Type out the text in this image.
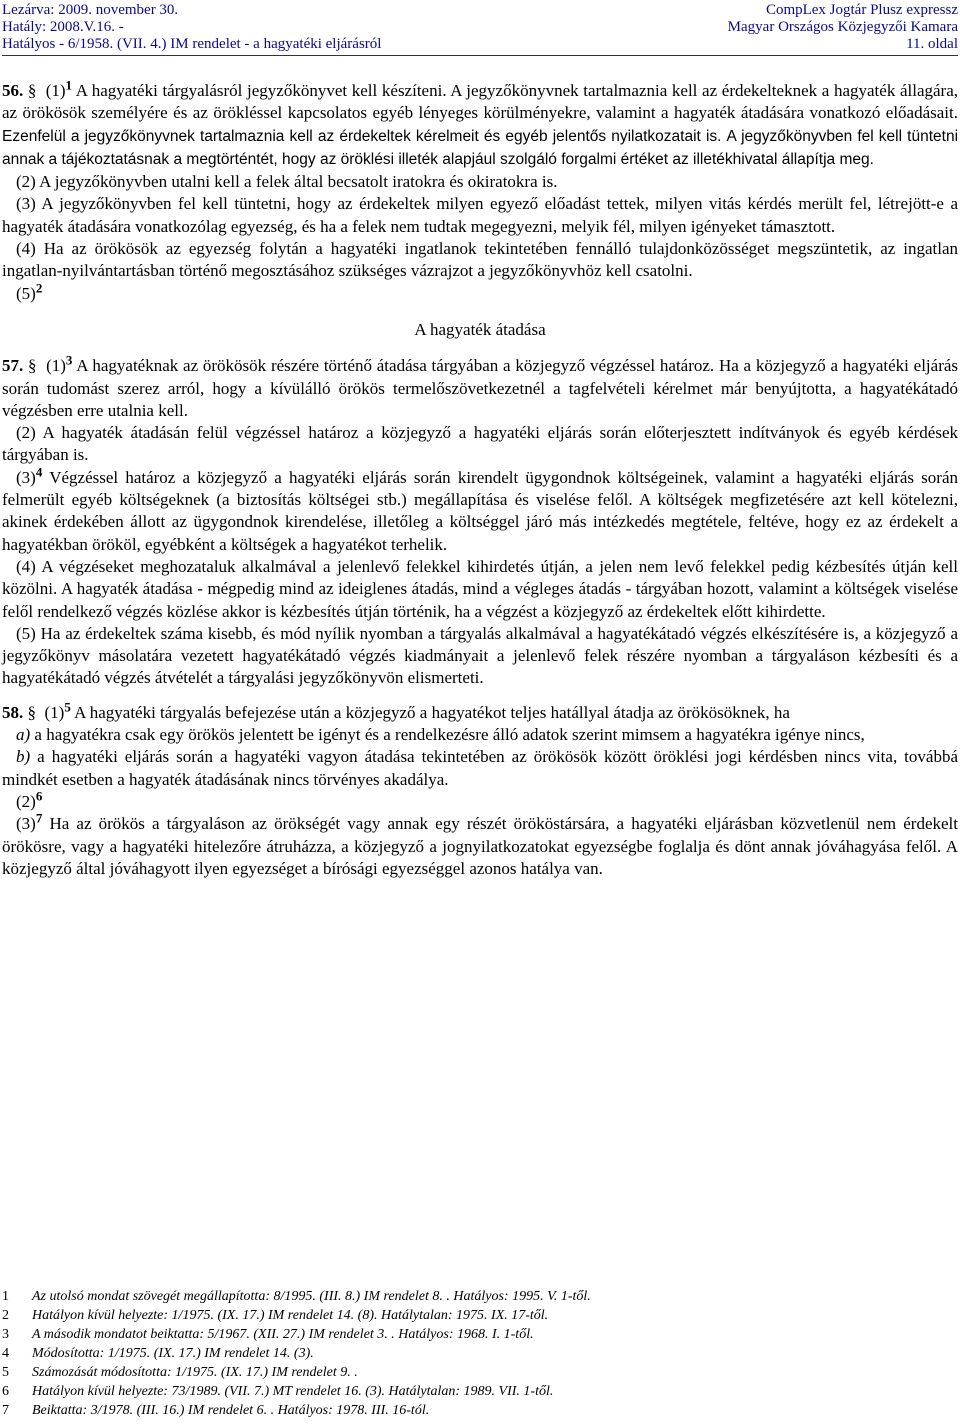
Lezárva: 2009. november 30.	CompLex Jogtár Plusz expressz
Hatály: 2008.V.16. -	Magyar Országos Közjegyzői Kamara
Hatályos - 6/1958. (VII. 4.) IM rendelet - a hagyatéki eljárásról	11. oldal

56. §  $(1)^1$ A hagyatéki tárgyalásról jegyzőkönyvet kell készíteni. A jegyzőkönyvnek tartalmaznia kell az érdekelteknek a hagyaték állagára, az örökösök személyére és az örökléssel kapcsolatos egyéb lényeges körülményekre, valamint a hagyaték átadására vonatkozó előadásait. Ezenfelül a jegyzőkönyvnek tartalmaznia kell az érdekeltek kérelmeit és egyéb jelentős nyilatkozatait is. A jegyzőkönyvben fel kell tüntetni annak a tájékoztatásnak a megtörténtét, hogy az öröklési illeték alapjául szolgáló forgalmi értéket az illetékhivatal állapítja meg.

(2) A jegyzőkönyvben utalni kell a felek által becsatolt iratokra és okiratokra is.

(3) A jegyzőkönyvben fel kell tüntetni, hogy az érdekeltek milyen egyező előadást tettek, milyen vitás kérdés merült fel, létrejött-e a hagyaték átadására vonatkozólag egyezség, és ha a felek nem tudtak megegyezni, melyik fél, milyen igényeket támasztott.

(4) Ha az örökösök az egyezség folytán a hagyatéki ingatlanok tekintetében fennálló tulajdonközösséget megszüntetik, az ingatlan ingatlan-nyilvántartásban történő megosztásához szükséges vázrajzot a jegyzőkönyvhöz kell csatolni.

$(5)^2$

A hagyaték átadása

57. §  $(1)^3$ A hagyatéknak az örökösök részére történő átadása tárgyában a közjegyző végzéssel határoz. Ha a közjegyző a hagyatéki eljárás során tudomást szerez arról, hogy a kívülálló örökös termelőszövetkezetnél a tagfelvételi kérelmet már benyújtotta, a hagyatékátadó végzésben erre utalnia kell.

(2) A hagyaték átadásán felül végzéssel határoz a közjegyző a hagyatéki eljárás során előterjesztett indítványok és egyéb kérdések tárgyában is.

$(3)^4$ Végzéssel határoz a közjegyző a hagyatéki eljárás során kirendelt ügygondnok költségeinek, valamint a hagyatéki eljárás során felmerült egyéb költségeknek (a biztosítás költségei stb.) megállapítása és viselése felől. A költségek megfizetésére azt kell kötelezni, akinek érdekében állott az ügygondnok kirendelése, illetőleg a költséggel járó más intézkedés megtétele, feltéve, hogy ez az érdekelt a hagyatékban örököl, egyébként a költségek a hagyatékot terhelik.

(4) A végzéseket meghozataluk alkalmával a jelenlevő felekkel kihirdetés útján, a jelen nem levő felekkel pedig kézbesítés útján kell közölni. A hagyaték átadása - mégpedig mind az ideiglenes átadás, mind a végleges átadás - tárgyában hozott, valamint a költségek viselése felől rendelkező végzés közlése akkor is kézbesítés útján történik, ha a végzést a közjegyző az érdekeltek előtt kihirdette.

(5) Ha az érdekeltek száma kisebb, és mód nyílik nyomban a tárgyalás alkalmával a hagyatékátadó végzés elkészítésére is, a közjegyző a jegyzőkönyv másolatára vezetett hagyatékátadó végzés kiadmányait a jelenlevő felek részére nyomban a tárgyaláson kézbesíti és a hagyatékátadó végzés átvételét a tárgyalási jegyzőkönyvön elismerteti.

58. §  $(1)^5$ A hagyatéki tárgyalás befejezése után a közjegyző a hagyatékot teljes hatállyal átadja az örökösöknek, ha

a) a hagyatékra csak egy örökös jelentett be igényt és a rendelkezésre álló adatok szerint mimsem a hagyatékra igénye nincs,

b) a hagyatéki eljárás során a hagyatéki vagyon átadása tekintetében az örökösök között öröklési jogi kérdésben nincs vita, továbbá mindkét esetben a hagyaték átadásának nincs törvényes akadálya.

$(2)^6$

$(3)^7$ Ha az örökös a tárgyaláson az örökségét vagy annak egy részét örököstársára, a hagyatéki eljárásban közvetlenül nem érdekelt örökösre, vagy a hagyatéki hitelezőre átruházza, a közjegyző a jognyilatkozatokat egyezségbe foglalja és dönt annak jóváhagyása felől. A közjegyző által jóváhagyott ilyen egyezséget a bírósági egyezséggel azonos hatálya van.

1	Az utolsó mondat szövegét megállapította: 8/1995. (III. 8.) IM rendelet 8. . Hatályos: 1995. V. 1-től.
2	Hatályon kívül helyezte: 1/1975. (IX. 17.) IM rendelet 14. (8). Hatálytalan: 1975. IX. 17-től.
3	A második mondatot beiktatta: 5/1967. (XII. 27.) IM rendelet 3. . Hatályos: 1968. I. 1-től.
4	Módosította: 1/1975. (IX. 17.) IM rendelet 14. (3).
5	Számozását módosította: 1/1975. (IX. 17.) IM rendelet 9. .
6	Hatályon kívül helyezte: 73/1989. (VII. 7.) MT rendelet 16. (3). Hatálytalan: 1989. VII. 1-től.
7	Beiktatta: 3/1978. (III. 16.) IM rendelet 6. . Hatályos: 1978. III. 16-tól.
